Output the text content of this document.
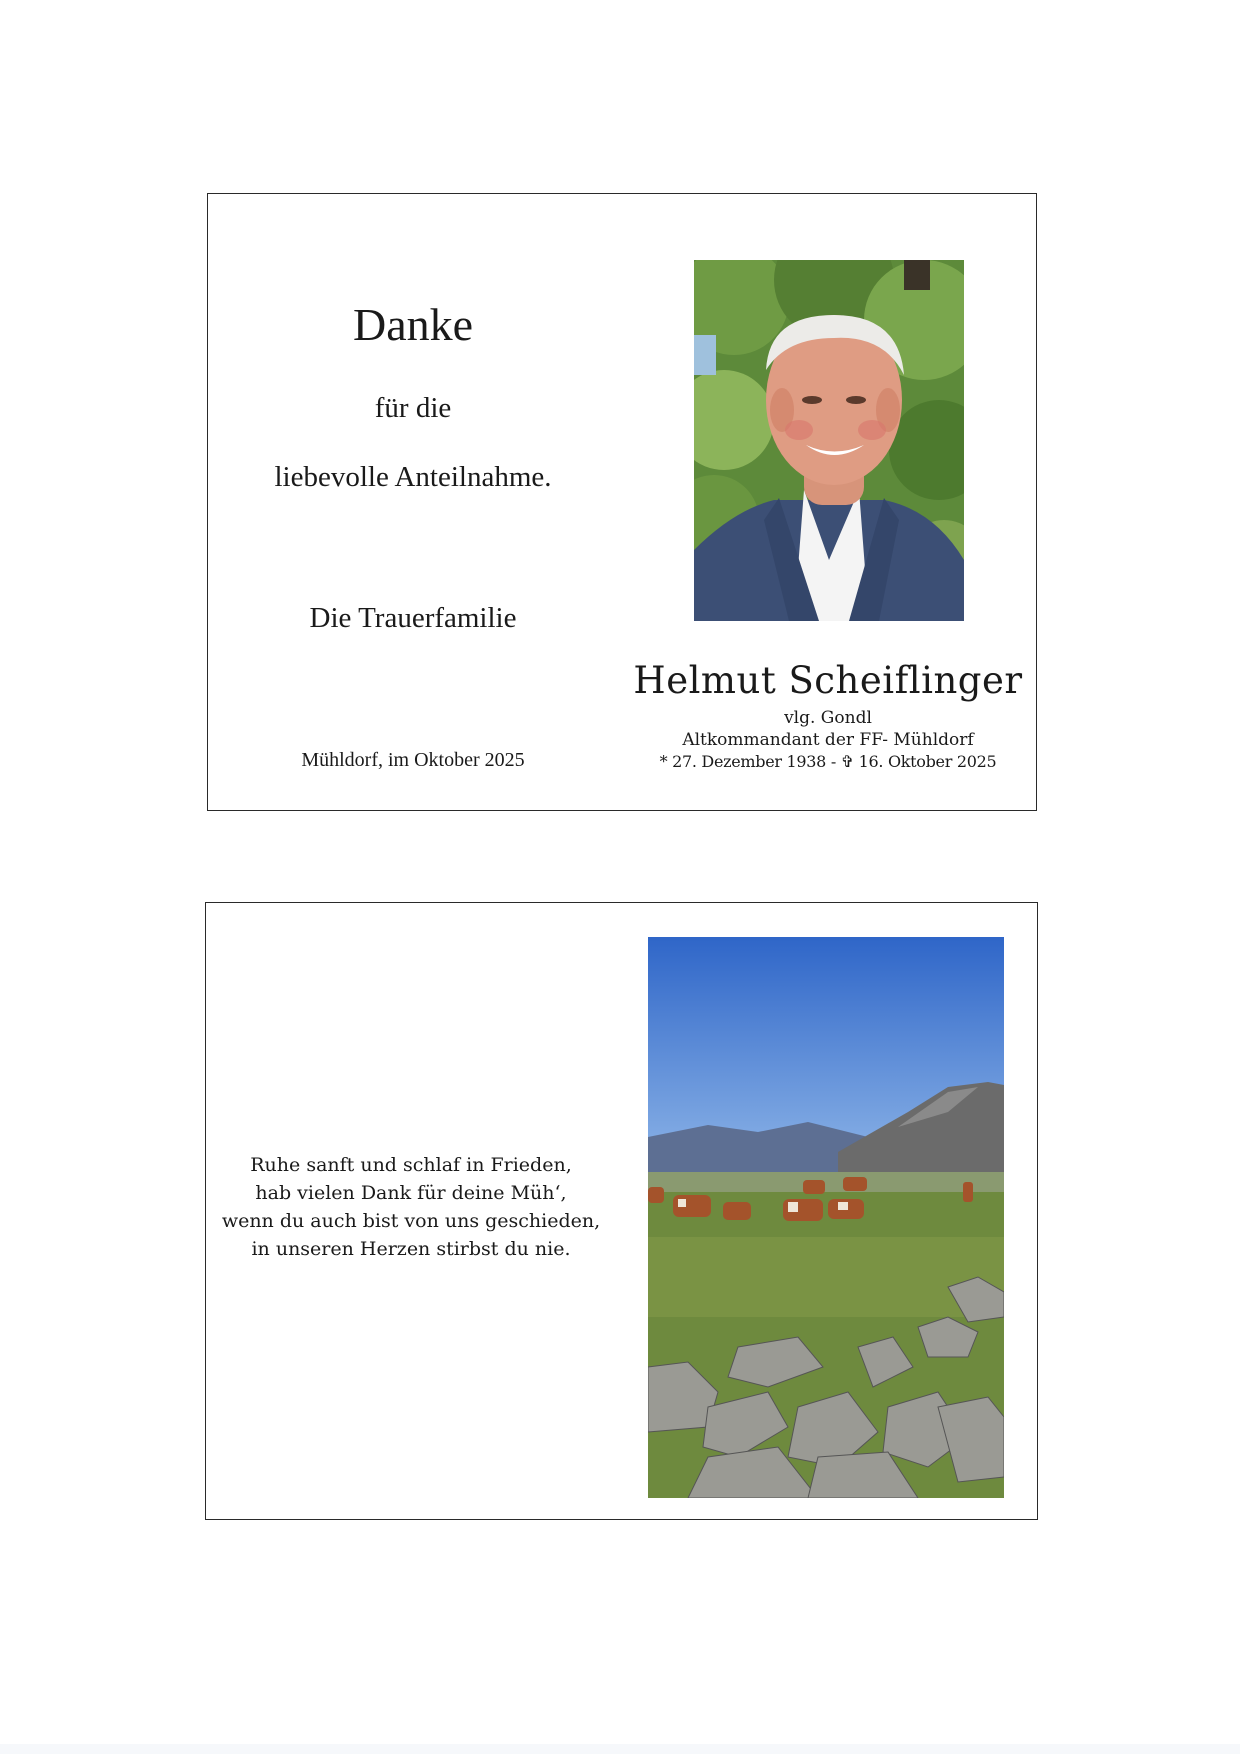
Danke
für die
liebevolle Anteilnahme.
Die Trauerfamilie
Mühldorf, im Oktober 2025
Helmut Scheiflinger
vlg. Gondl
Altkommandant der FF- Mühldorf
* 27. Dezember 1938 - ✞ 16. Oktober 2025
Ruhe sanft und schlaf in Frieden,
hab vielen Dank für deine Müh‘,
wenn du auch bist von uns geschieden,
in unseren Herzen stirbst du nie.
